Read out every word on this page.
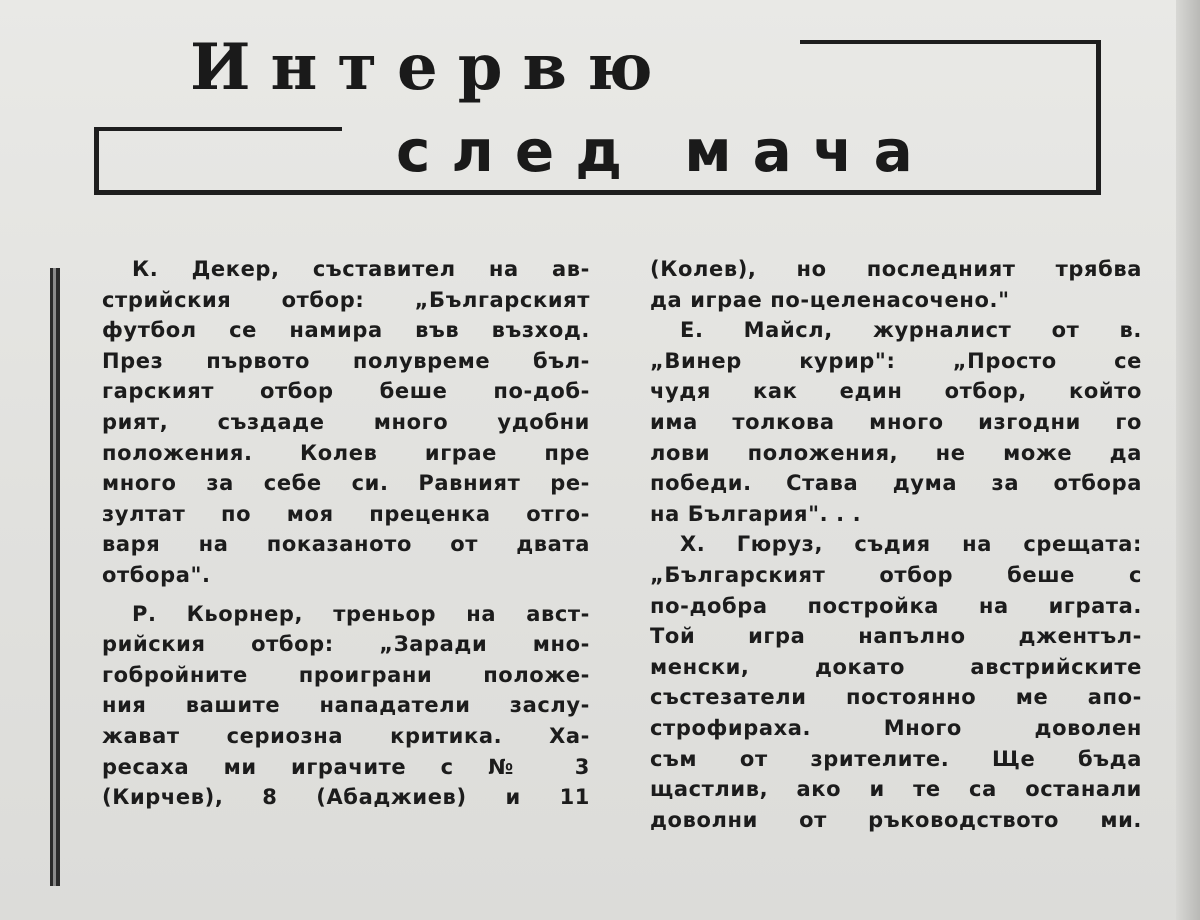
Интервю
след мача
К. Декер, съставител на ав-
стрийския отбор: „Българският
футбол се намира във възход.
През първото полувреме бъл-
гарският отбор беше по-доб-
рият, създаде много удобни
положения. Колев играе пре
много за себе си. Равният ре-
зултат по моя преценка отго-
варя на показаното от двата
отбора".
Р. Кьорнер, треньор на авст-
рийския отбор: „Заради мно-
гобройните проиграни положе-
ния вашите нападатели заслу-
жават сериозна критика. Ха-
ресаха ми играчите с № 3
(Кирчев), 8 (Абаджиев) и 11
(Колев), но последният трябва
да играе по-целенасочено."
Е. Майсл, журналист от в.
„Винер курир": „Просто се
чудя как един отбор, който
има толкова много изгодни го
лови положения, не може да
победи. Става дума за отбора
на България". . .
Х. Гюруз, съдия на срещата:
„Българският отбор беше с
по-добра постройка на играта.
Той игра напълно джентъл-
менски, докато австрийските
състезатели постоянно ме апо-
строфираха. Много доволен
съм от зрителите. Ще бъда
щастлив, ако и те са останали
доволни от ръководството ми.
